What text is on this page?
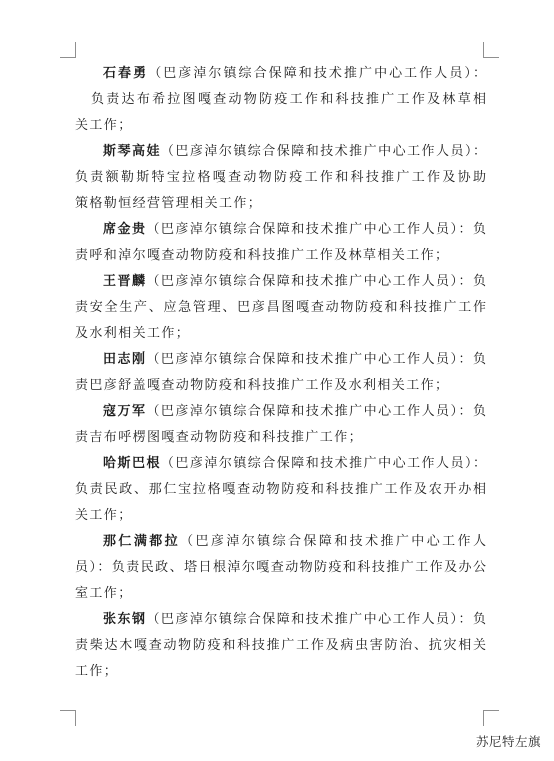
石春勇（巴彦淖尔镇综合保障和技术推广中心工作人员）：
负责达布希拉图嘎查动物防疫工作和科技推广工作及林草相
关工作；
斯琴高娃（巴彦淖尔镇综合保障和技术推广中心工作人员）：
负责额勒斯特宝拉格嘎查动物防疫工作和科技推广工作及协助
策格勒恒经营管理相关工作；
席金贵（巴彦淖尔镇综合保障和技术推广中心工作人员）：负
责呼和淖尔嘎查动物防疫和科技推广工作及林草相关工作；
王晋麟（巴彦淖尔镇综合保障和技术推广中心工作人员）：负
责安全生产、应急管理、巴彦昌图嘎查动物防疫和科技推广工作
及水利相关工作；
田志刚（巴彦淖尔镇综合保障和技术推广中心工作人员）：负
责巴彦舒盖嘎查动物防疫和科技推广工作及水利相关工作；
寇万军（巴彦淖尔镇综合保障和技术推广中心工作人员）：负
责吉布呼楞图嘎查动物防疫和科技推广工作；
哈斯巴根（巴彦淖尔镇综合保障和技术推广中心工作人员）：
负责民政、那仁宝拉格嘎查动物防疫和科技推广工作及农开办相
关工作；
那仁满都拉（巴彦淖尔镇综合保障和技术推广中心工作人
员）：负责民政、塔日根淖尔嘎查动物防疫和科技推广工作及办公
室工作；
张东钢（巴彦淖尔镇综合保障和技术推广中心工作人员）：负
责柴达木嘎查动物防疫和科技推广工作及病虫害防治、抗灾相关
工作；
苏尼特左旗
